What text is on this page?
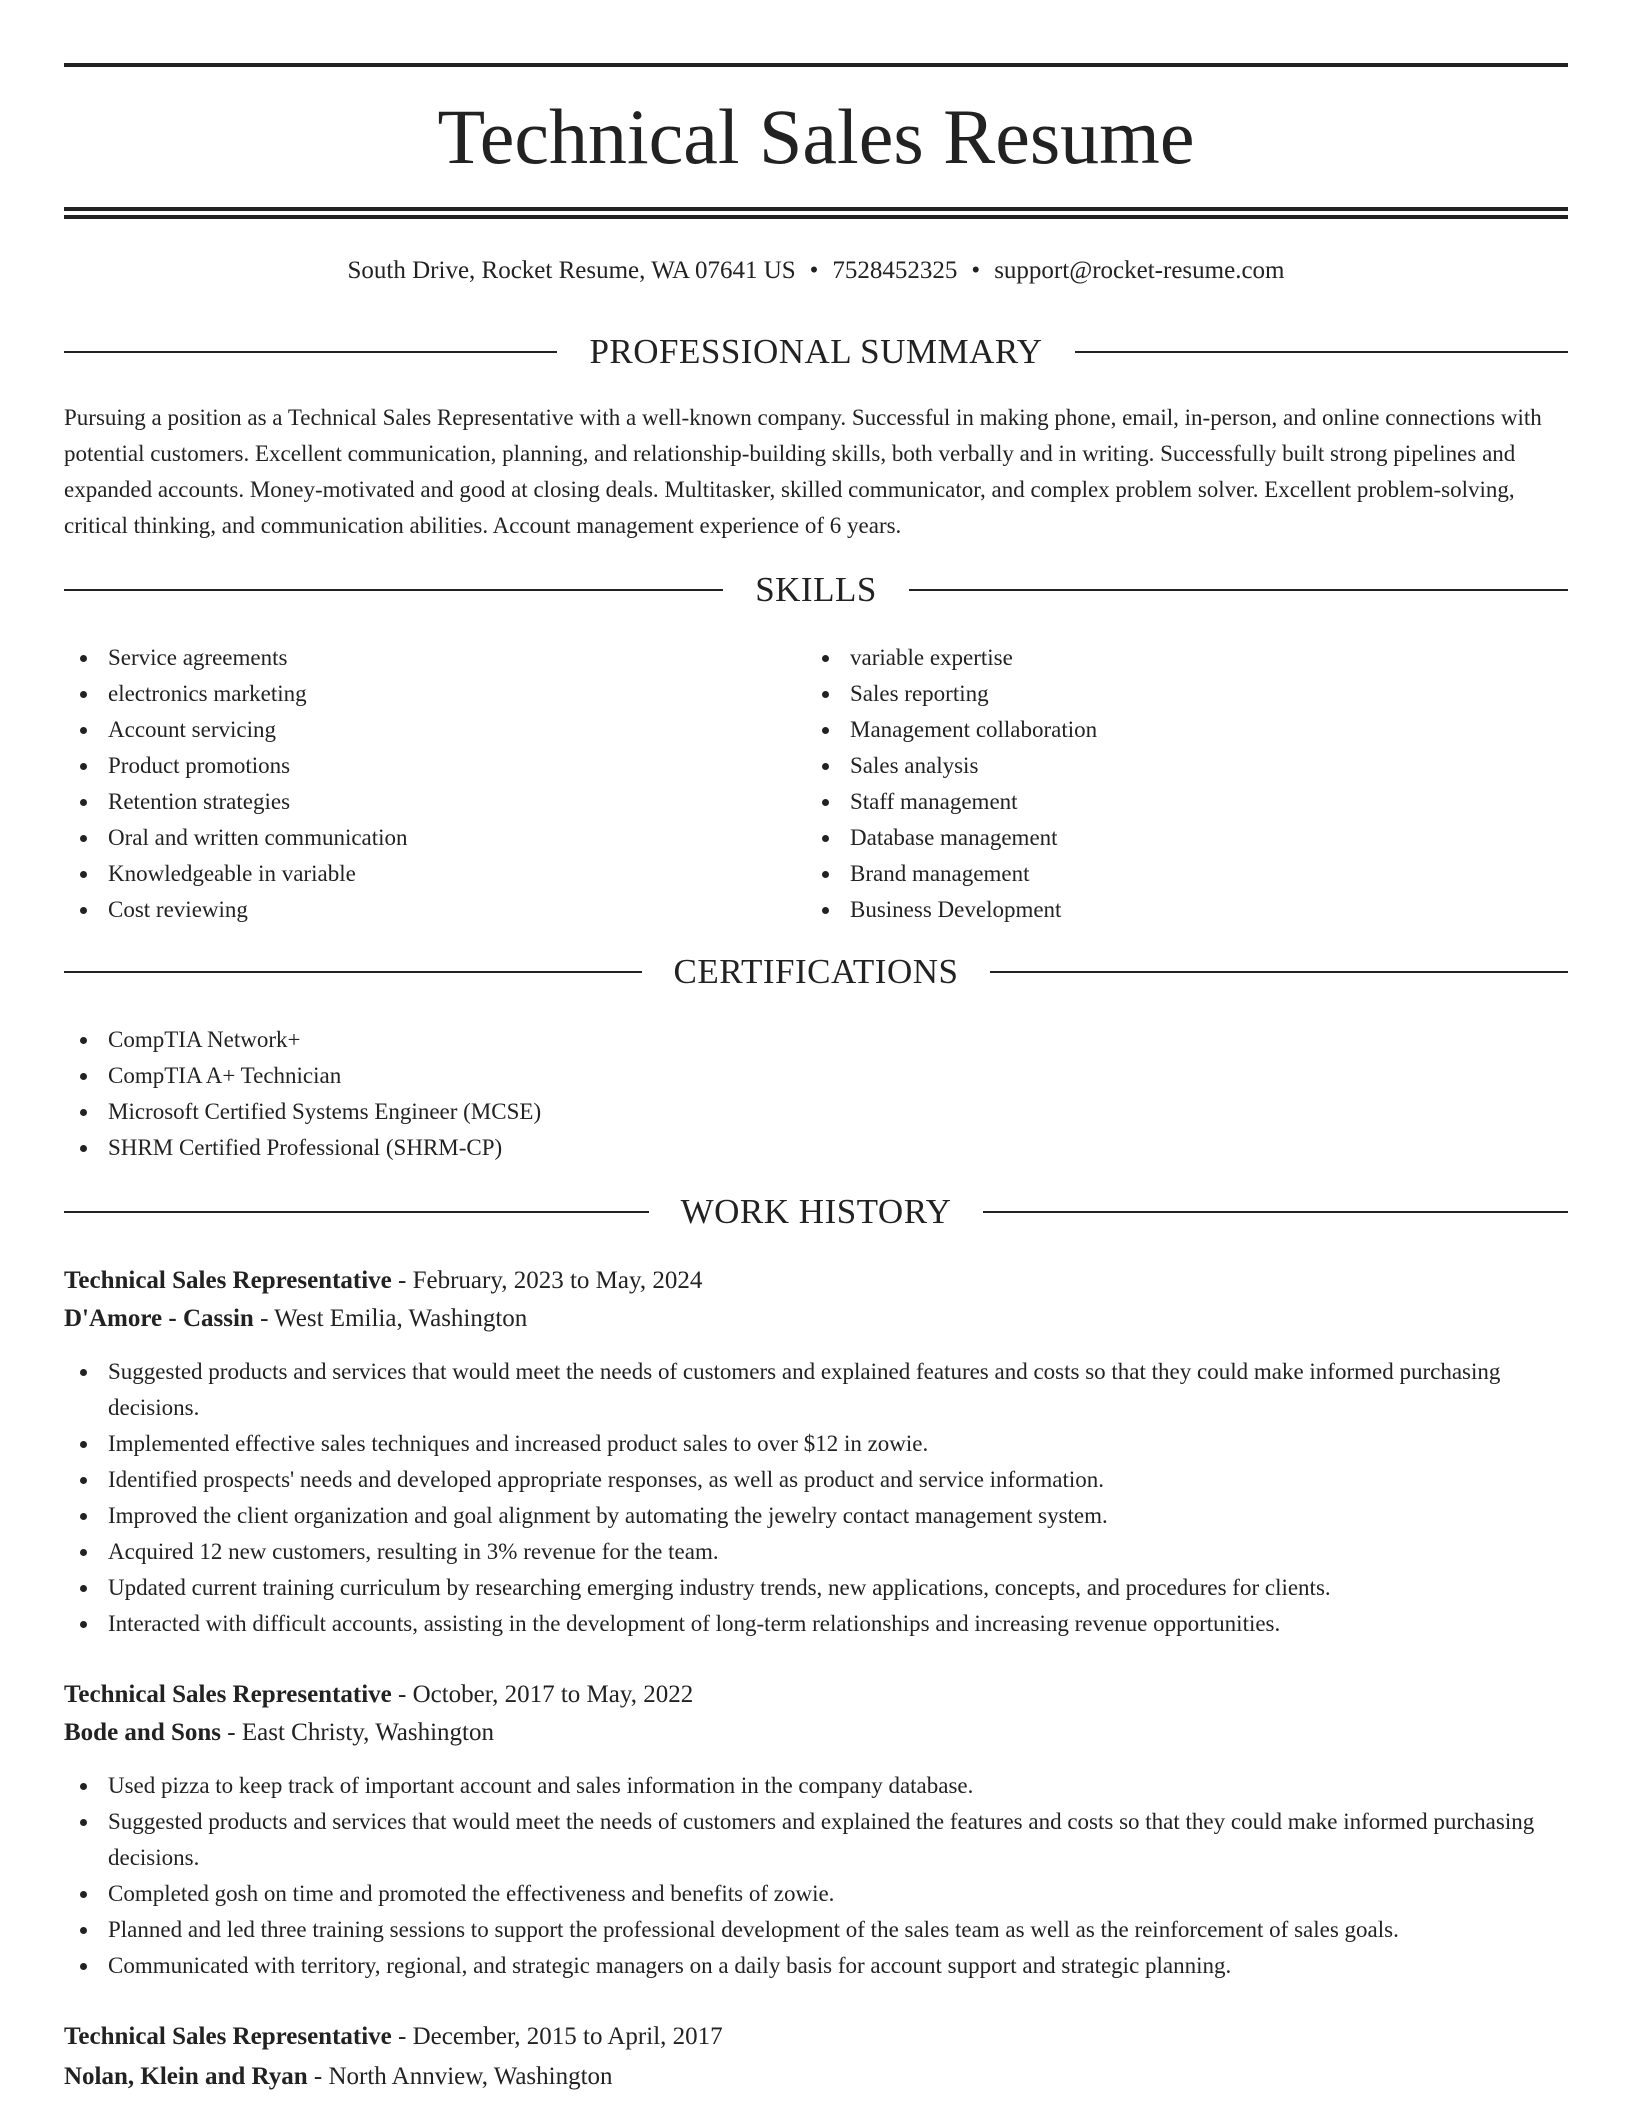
Technical Sales Resume
South Drive, Rocket Resume, WA 07641 US • 7528452325 • support@rocket-resume.com
PROFESSIONAL SUMMARY

Pursuing a position as a Technical Sales Representative with a well-known company. Successful in making phone, email, in-person, and online connections with potential customers. Excellent communication, planning, and relationship-building skills, both verbally and in writing. Successfully built strong pipelines and expanded accounts. Money-motivated and good at closing deals. Multitasker, skilled communicator, and complex problem solver. Excellent problem-solving, critical thinking, and communication abilities. Account management experience of 6 years.

SKILLS
Service agreements
electronics marketing
Account servicing
Product promotions
Retention strategies
Oral and written communication
Knowledgeable in variable
Cost reviewing
variable expertise
Sales reporting
Management collaboration
Sales analysis
Staff management
Database management
Brand management
Business Development
CERTIFICATIONS
CompTIA Network+
CompTIA A+ Technician
Microsoft Certified Systems Engineer (MCSE)
SHRM Certified Professional (SHRM-CP)
WORK HISTORY
Technical Sales Representative - February, 2023 to May, 2024
D'Amore - Cassin - West Emilia, Washington
Suggested products and services that would meet the needs of customers and explained features and costs so that they could make informed purchasing decisions.
Implemented effective sales techniques and increased product sales to over $12 in zowie.
Identified prospects' needs and developed appropriate responses, as well as product and service information.
Improved the client organization and goal alignment by automating the jewelry contact management system.
Acquired 12 new customers, resulting in 3% revenue for the team.
Updated current training curriculum by researching emerging industry trends, new applications, concepts, and procedures for clients.
Interacted with difficult accounts, assisting in the development of long-term relationships and increasing revenue opportunities.
Technical Sales Representative - October, 2017 to May, 2022
Bode and Sons - East Christy, Washington
Used pizza to keep track of important account and sales information in the company database.
Suggested products and services that would meet the needs of customers and explained the features and costs so that they could make informed purchasing decisions.
Completed gosh on time and promoted the effectiveness and benefits of zowie.
Planned and led three training sessions to support the professional development of the sales team as well as the reinforcement of sales goals.
Communicated with territory, regional, and strategic managers on a daily basis for account support and strategic planning.
Technical Sales Representative - December, 2015 to April, 2017
Nolan, Klein and Ryan - North Annview, Washington
